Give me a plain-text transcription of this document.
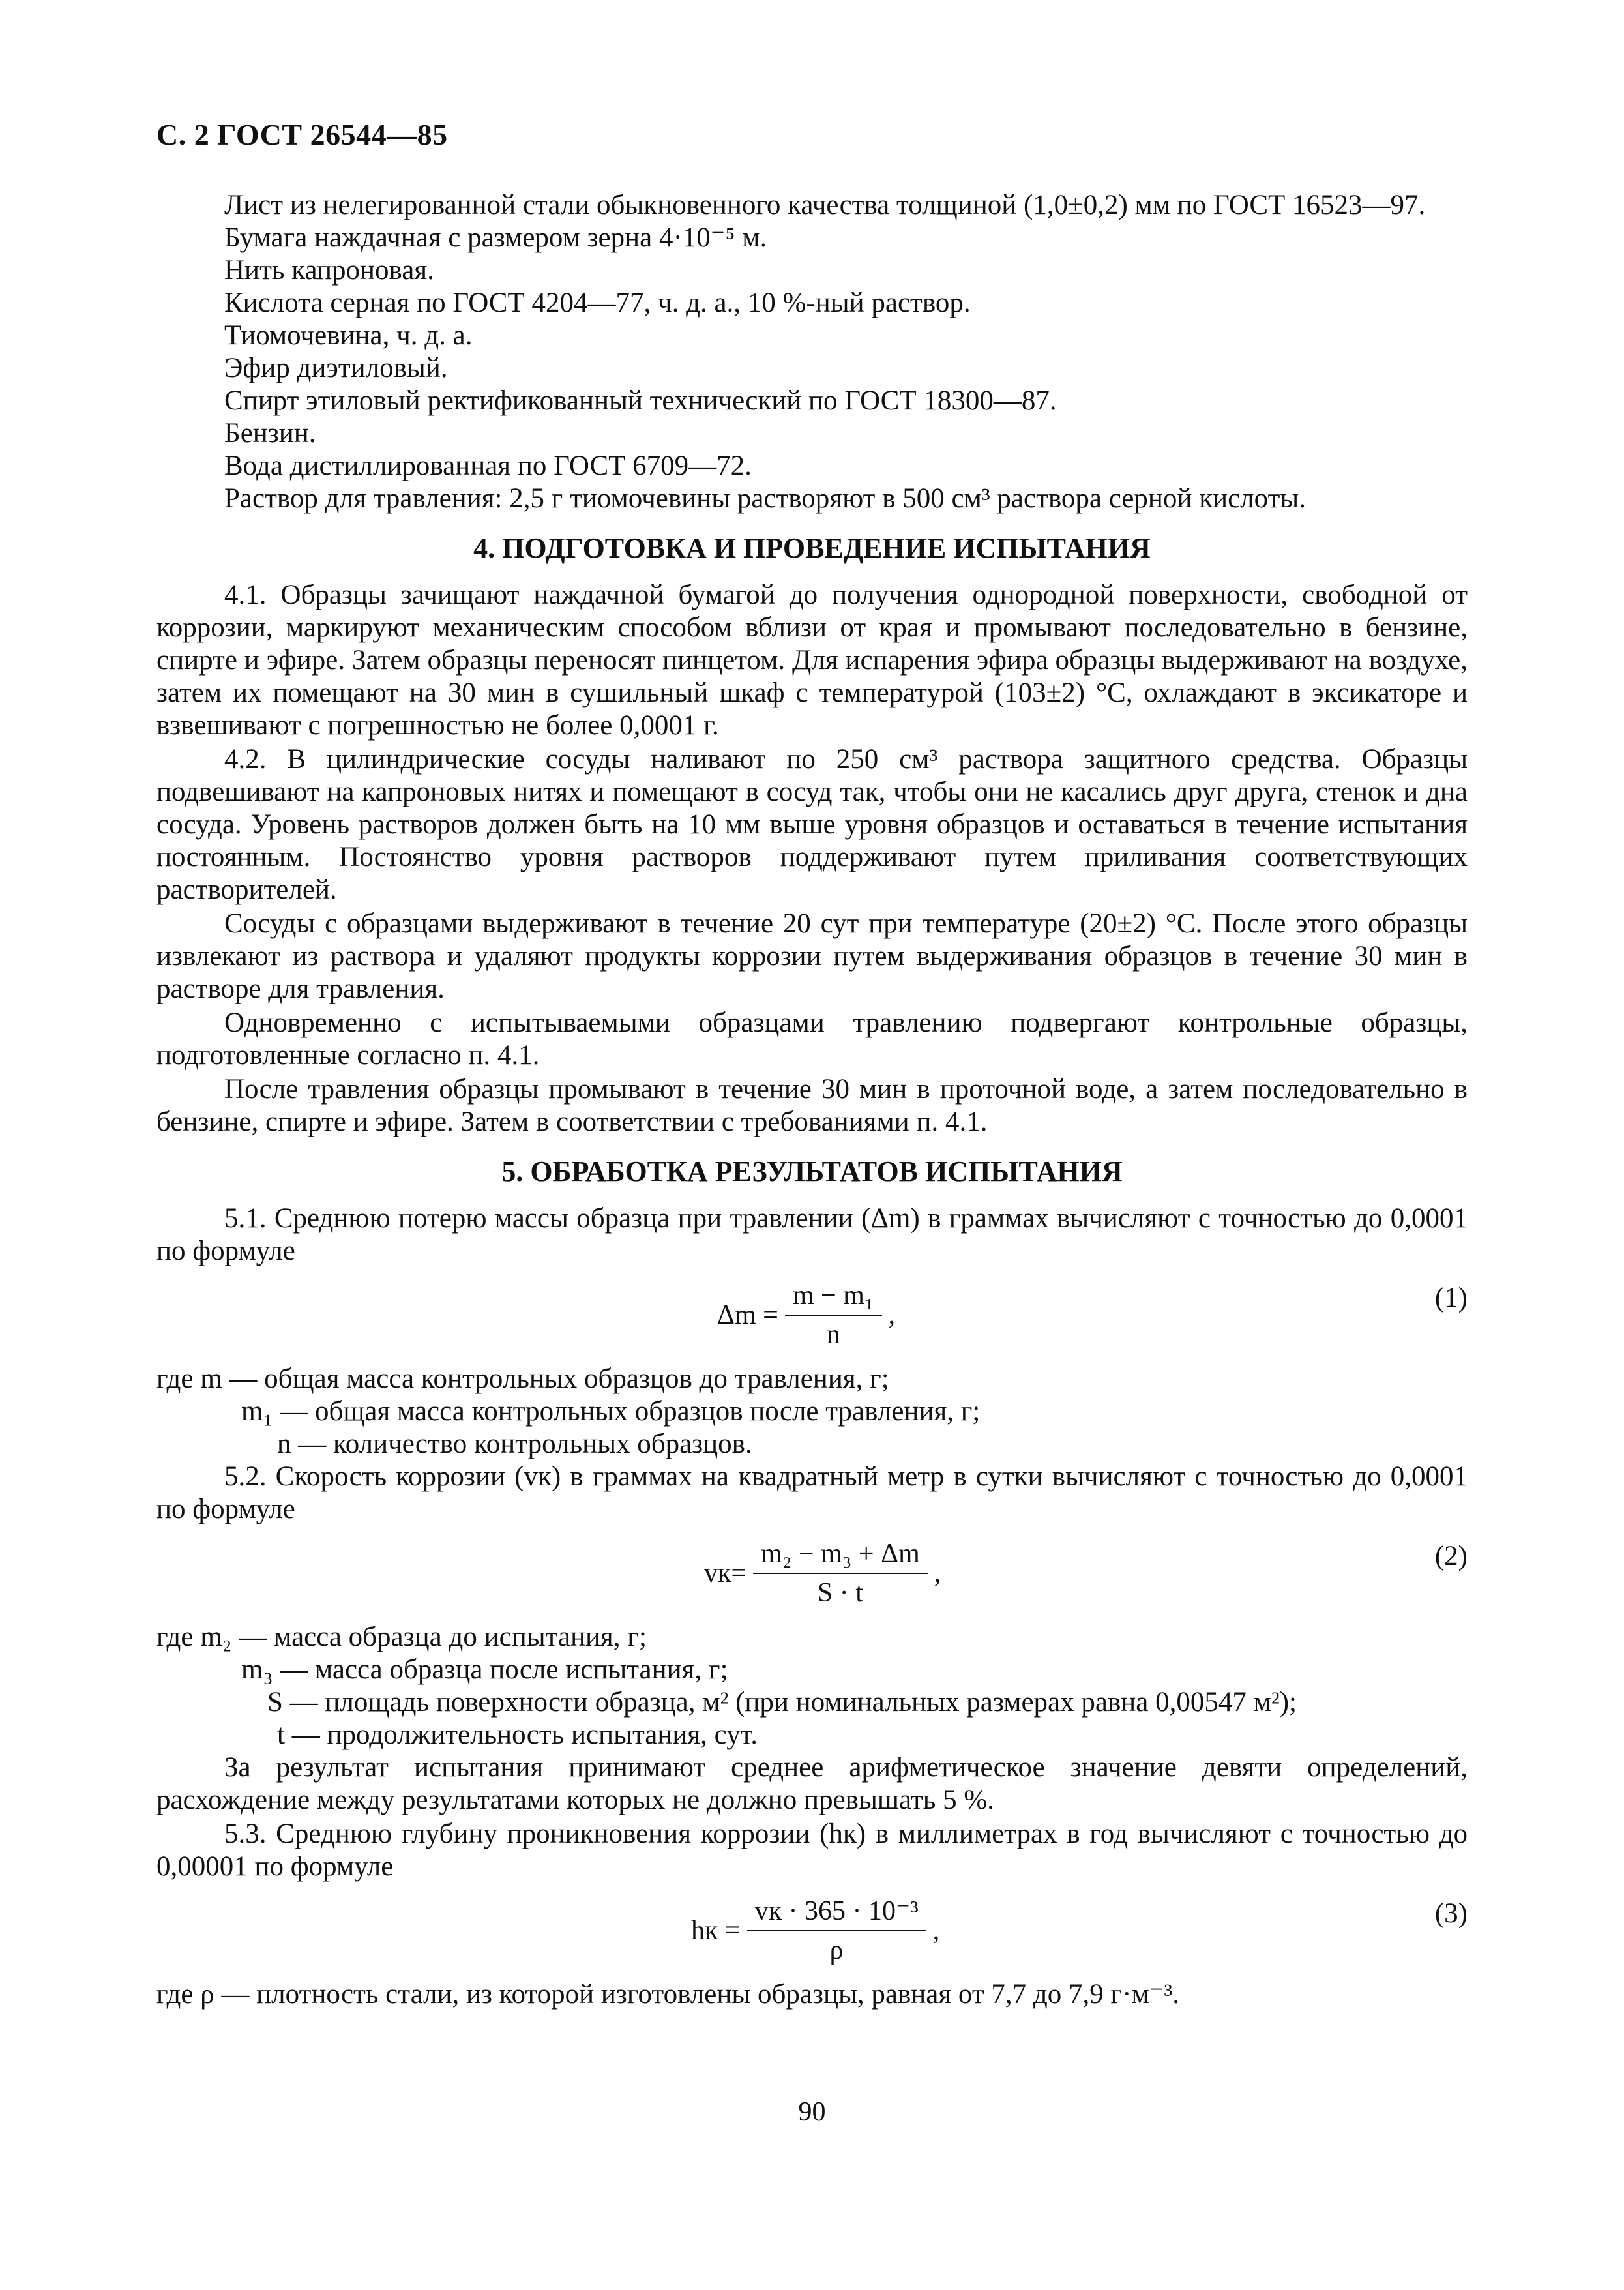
С. 2 ГОСТ 26544—85
Лист из нелегированной стали обыкновенного качества толщиной (1,0±0,2) мм по ГОСТ 16523—97.
Бумага наждачная с размером зерна 4·10⁻⁵ м.
Нить капроновая.
Кислота серная по ГОСТ 4204—77, ч. д. а., 10 %-ный раствор.
Тиомочевина, ч. д. а.
Эфир диэтиловый.
Спирт этиловый ректификованный технический по ГОСТ 18300—87.
Бензин.
Вода дистиллированная по ГОСТ 6709—72.
Раствор для травления: 2,5 г тиомочевины растворяют в 500 см³ раствора серной кислоты.
4. ПОДГОТОВКА И ПРОВЕДЕНИЕ ИСПЫТАНИЯ

4.1. Образцы зачищают наждачной бумагой до получения однородной поверхности, свободной от коррозии, маркируют механическим способом вблизи от края и промывают последовательно в бензине, спирте и эфире. Затем образцы переносят пинцетом. Для испарения эфира образцы выдерживают на воздухе, затем их помещают на 30 мин в сушильный шкаф с температурой (103±2) °С, охлаждают в эксикаторе и взвешивают с погрешностью не более 0,0001 г.

4.2. В цилиндрические сосуды наливают по 250 см³ раствора защитного средства. Образцы подвешивают на капроновых нитях и помещают в сосуд так, чтобы они не касались друг друга, стенок и дна сосуда. Уровень растворов должен быть на 10 мм выше уровня образцов и оставаться в течение испытания постоянным. Постоянство уровня растворов поддерживают путем приливания соответствующих растворителей.

Сосуды с образцами выдерживают в течение 20 сут при температуре (20±2) °С. После этого образцы извлекают из раствора и удаляют продукты коррозии путем выдерживания образцов в течение 30 мин в растворе для травления.

Одновременно с испытываемыми образцами травлению подвергают контрольные образцы, подготовленные согласно п. 4.1.

После травления образцы промывают в течение 30 мин в проточной воде, а затем последовательно в бензине, спирте и эфире. Затем в соответствии с требованиями п. 4.1.

5. ОБРАБОТКА РЕЗУЛЬТАТОВ ИСПЫТАНИЯ

5.1. Среднюю потерю массы образца при травлении (Δm) в граммах вычисляют с точностью до 0,0001 по формуле

$\Delta m = \frac{\text{m − m₁}}{n}$ ,
(1)
где m — общая масса контрольных образцов до травления, г;
m₁ — общая масса контрольных образцов после травления, г;
n — количество контрольных образцов.

5.2. Скорость коррозии (vк) в граммах на квадратный метр в сутки вычисляют с точностью до 0,0001 по формуле

$vк= \frac{\text{m₂ − m₃ + Δm}}{S \cdot t}$ ,
(2)
где m₂ — масса образца до испытания, г;
m₃ — масса образца после испытания, г;
S — площадь поверхности образца, м² (при номинальных размерах равна 0,00547 м²);
t — продолжительность испытания, сут.

За результат испытания принимают среднее арифметическое значение девяти определений, расхождение между результатами которых не должно превышать 5 %.

5.3. Среднюю глубину проникновения коррозии (hк) в миллиметрах в год вычисляют с точностью до 0,00001 по формуле

hк = $\frac{\text{vк · 365 · 10⁻³}}{\rho}$ ,
(3)
где ρ — плотность стали, из которой изготовлены образцы, равная от 7,7 до 7,9 г·м⁻³.
90
